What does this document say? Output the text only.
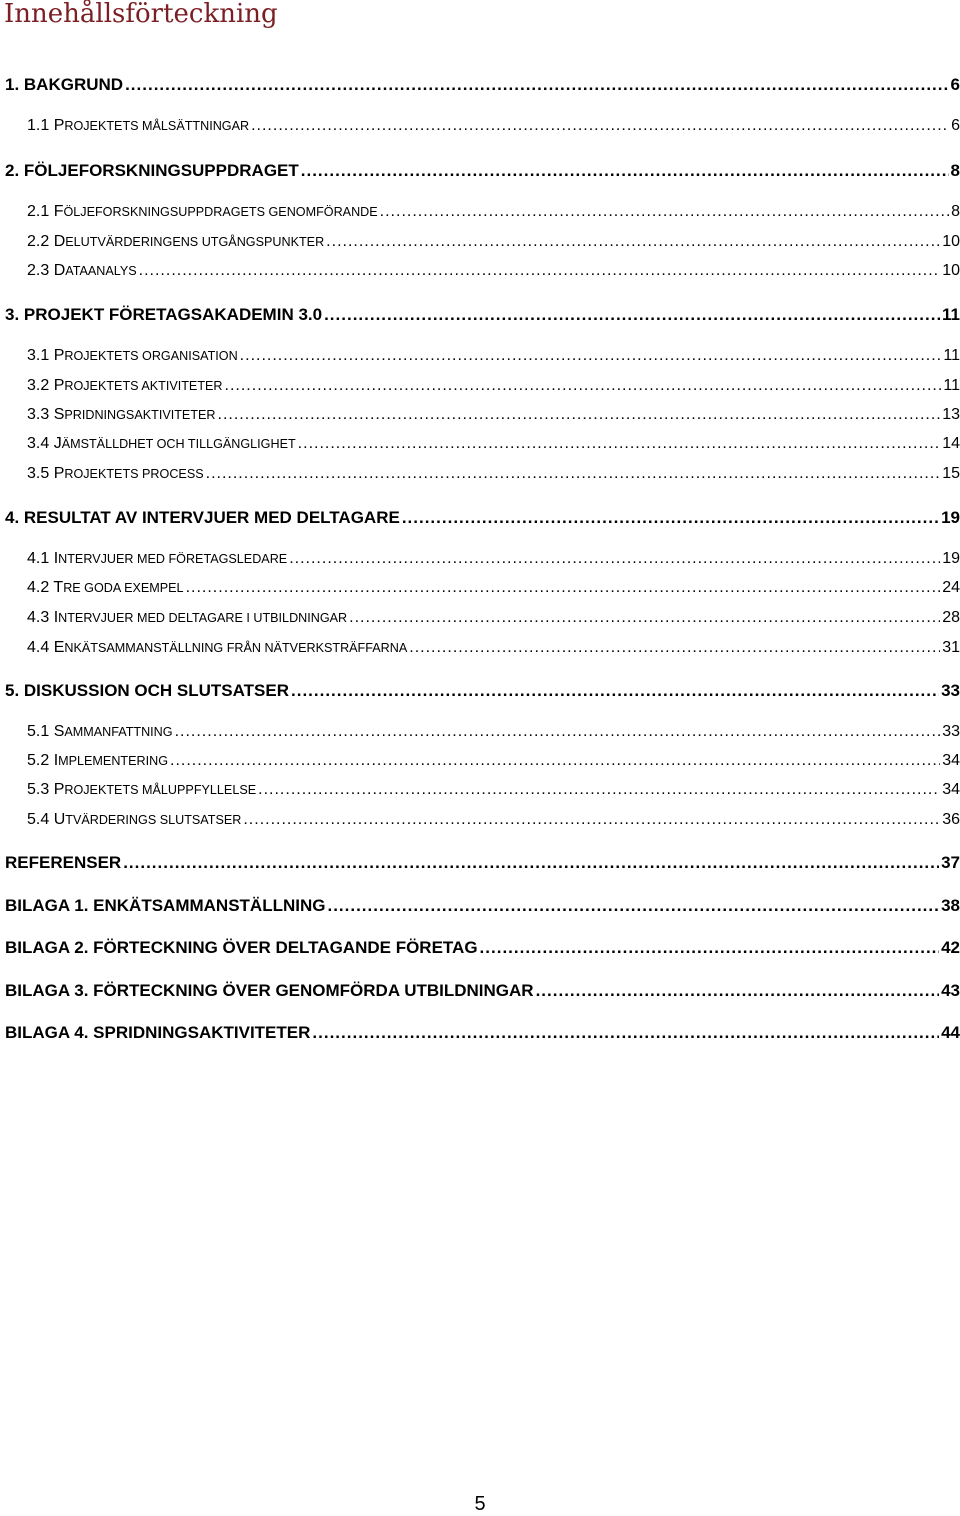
Innehållsförteckning
1. BAKGRUND .....	6
1.1 PROJEKTETS MÅLSÄTTNINGAR .....	6
2. FÖLJEFORSKNINGSUPPDRAGET .....	8
2.1 FÖLJEFORSKNINGSUPPDRAGETS GENOMFÖRANDE .....	8
2.2 DELUTVÄRDERINGENS UTGÅNGSPUNKTER .....	10
2.3 DATAANALYS .....	10
3. PROJEKT FÖRETAGSAKADEMIN 3.0 .....	11
3.1 PROJEKTETS ORGANISATION .....	11
3.2 PROJEKTETS AKTIVITETER .....	11
3.3 SPRIDNINGSAKTIVITETER .....	13
3.4 JÄMSTÄLLDHET OCH TILLGÄNGLIGHET .....	14
3.5 PROJEKTETS PROCESS .....	15
4. RESULTAT AV INTERVJUER MED DELTAGARE .....	19
4.1 INTERVJUER MED FÖRETAGSLEDARE .....	19
4.2 TRE GODA EXEMPEL .....	24
4.3 INTERVJUER MED DELTAGARE I UTBILDNINGAR .....	28
4.4 ENKÄTSAMMANSTÄLLNING FRÅN NÄTVERKSTRÄFFARNA .....	31
5. DISKUSSION OCH SLUTSATSER .....	33
5.1 SAMMANFATTNING .....	33
5.2 IMPLEMENTERING .....	34
5.3 PROJEKTETS MÅLUPPFYLLELSE .....	34
5.4 UTVÄRDERINGS SLUTSATSER .....	36
REFERENSER .....	37
BILAGA 1. ENKÄTSAMMANSTÄLLNING .....	38
BILAGA 2. FÖRTECKNING ÖVER DELTAGANDE FÖRETAG .....	42
BILAGA 3. FÖRTECKNING ÖVER GENOMFÖRDA UTBILDNINGAR .....	43
BILAGA 4. SPRIDNINGSAKTIVITETER .....	44
5
